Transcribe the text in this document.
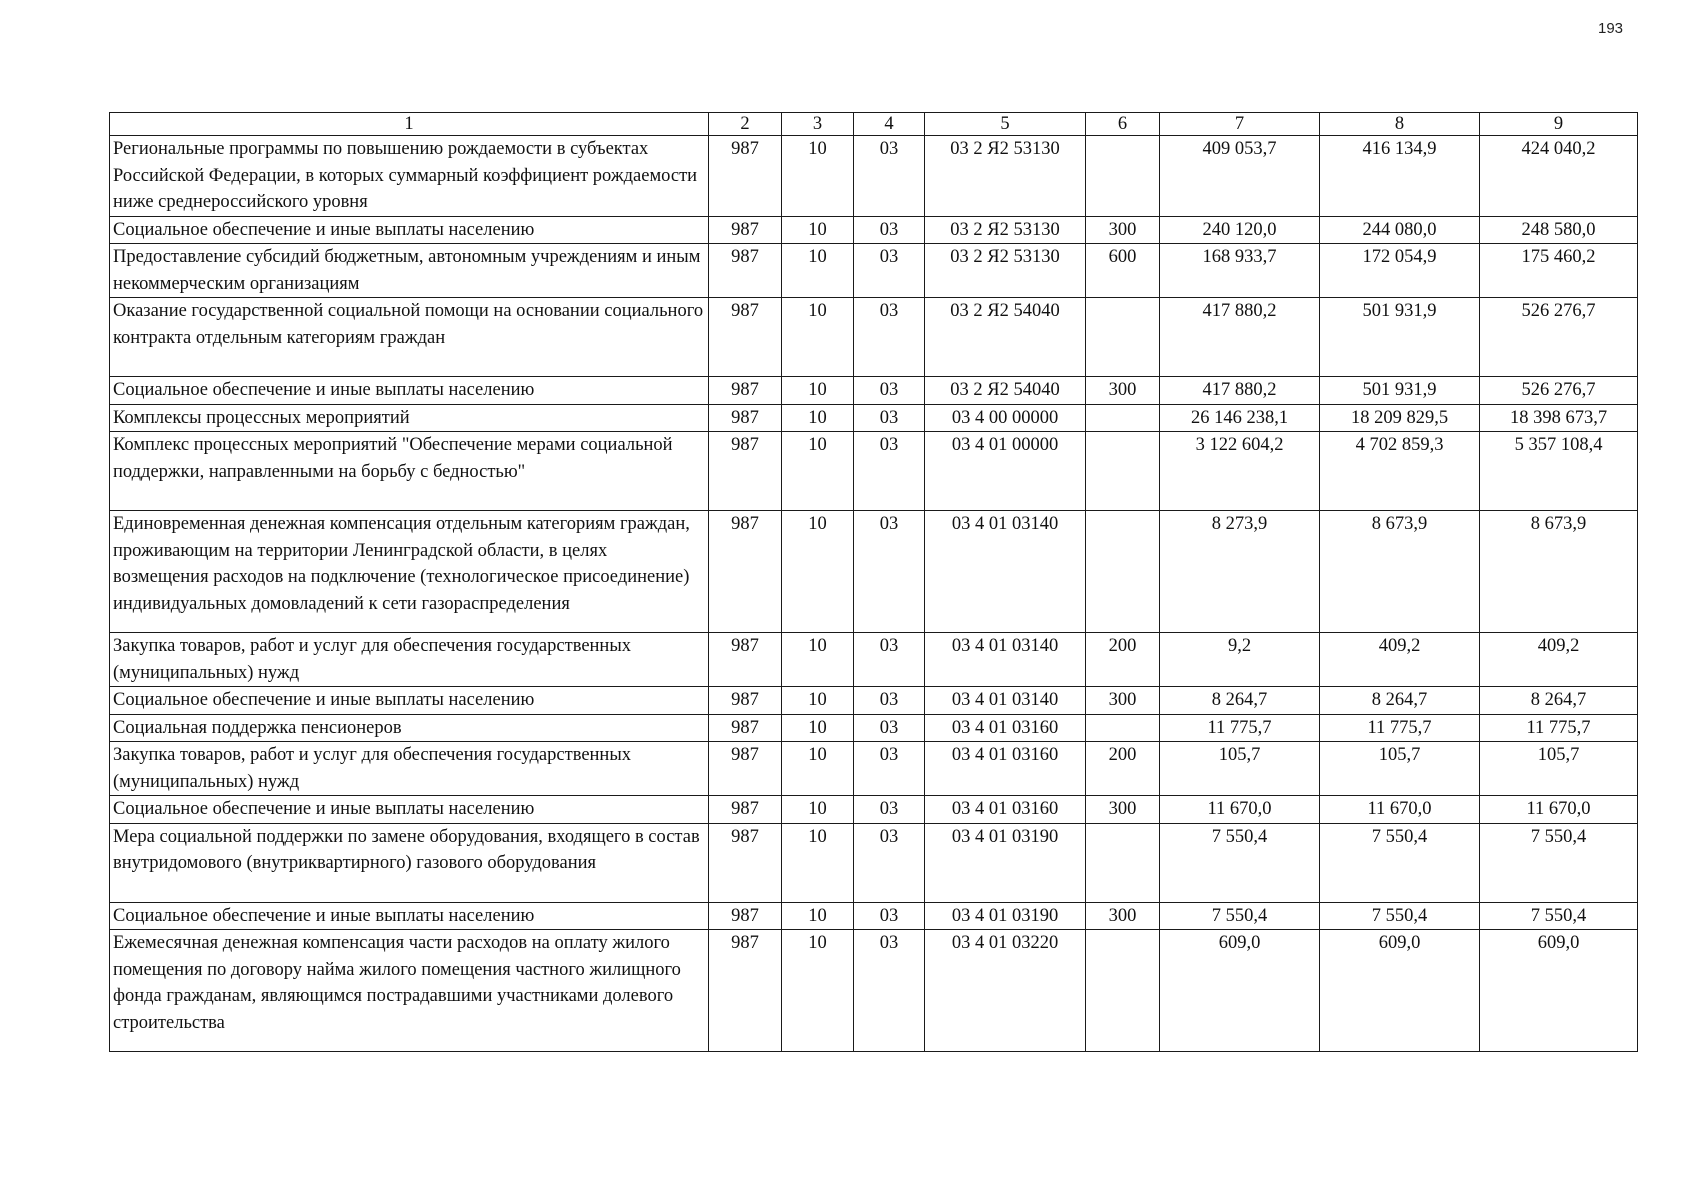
193
1	2	3	4	5	6	7	8	9
Региональные программы по повышению рождаемости в субъектах Российской Федерации, в которых суммарный коэффициент рождаемости ниже среднероссийского уровня	987	10	03	03 2 Я2 53130		409 053,7	416 134,9	424 040,2
Социальное обеспечение и иные выплаты населению	987	10	03	03 2 Я2 53130	300	240 120,0	244 080,0	248 580,0
Предоставление субсидий бюджетным, автономным учреждениям и иным некоммерческим организациям	987	10	03	03 2 Я2 53130	600	168 933,7	172 054,9	175 460,2
Оказание государственной социальной помощи на основании социального контракта отдельным категориям граждан	987	10	03	03 2 Я2 54040		417 880,2	501 931,9	526 276,7
Социальное обеспечение и иные выплаты населению	987	10	03	03 2 Я2 54040	300	417 880,2	501 931,9	526 276,7
Комплексы процессных мероприятий	987	10	03	03 4 00 00000		26 146 238,1	18 209 829,5	18 398 673,7
Комплекс процессных мероприятий "Обеспечение мерами социальной поддержки, направленными на борьбу с бедностью"	987	10	03	03 4 01 00000		3 122 604,2	4 702 859,3	5 357 108,4
Единовременная денежная компенсация отдельным категориям граждан, проживающим на территории Ленинградской области, в целях возмещения расходов на подключение (технологическое присоединение) индивидуальных домовладений к сети газораспределения	987	10	03	03 4 01 03140		8 273,9	8 673,9	8 673,9
Закупка товаров, работ и услуг для обеспечения государственных (муниципальных) нужд	987	10	03	03 4 01 03140	200	9,2	409,2	409,2
Социальное обеспечение и иные выплаты населению	987	10	03	03 4 01 03140	300	8 264,7	8 264,7	8 264,7
Социальная поддержка пенсионеров	987	10	03	03 4 01 03160		11 775,7	11 775,7	11 775,7
Закупка товаров, работ и услуг для обеспечения государственных (муниципальных) нужд	987	10	03	03 4 01 03160	200	105,7	105,7	105,7
Социальное обеспечение и иные выплаты населению	987	10	03	03 4 01 03160	300	11 670,0	11 670,0	11 670,0
Мера социальной поддержки по замене оборудования, входящего в состав внутридомового (внутриквартирного) газового оборудования	987	10	03	03 4 01 03190		7 550,4	7 550,4	7 550,4
Социальное обеспечение и иные выплаты населению	987	10	03	03 4 01 03190	300	7 550,4	7 550,4	7 550,4
Ежемесячная денежная компенсация части расходов на оплату жилого помещения по договору найма жилого помещения частного жилищного фонда гражданам, являющимся пострадавшими участниками долевого строительства	987	10	03	03 4 01 03220		609,0	609,0	609,0
